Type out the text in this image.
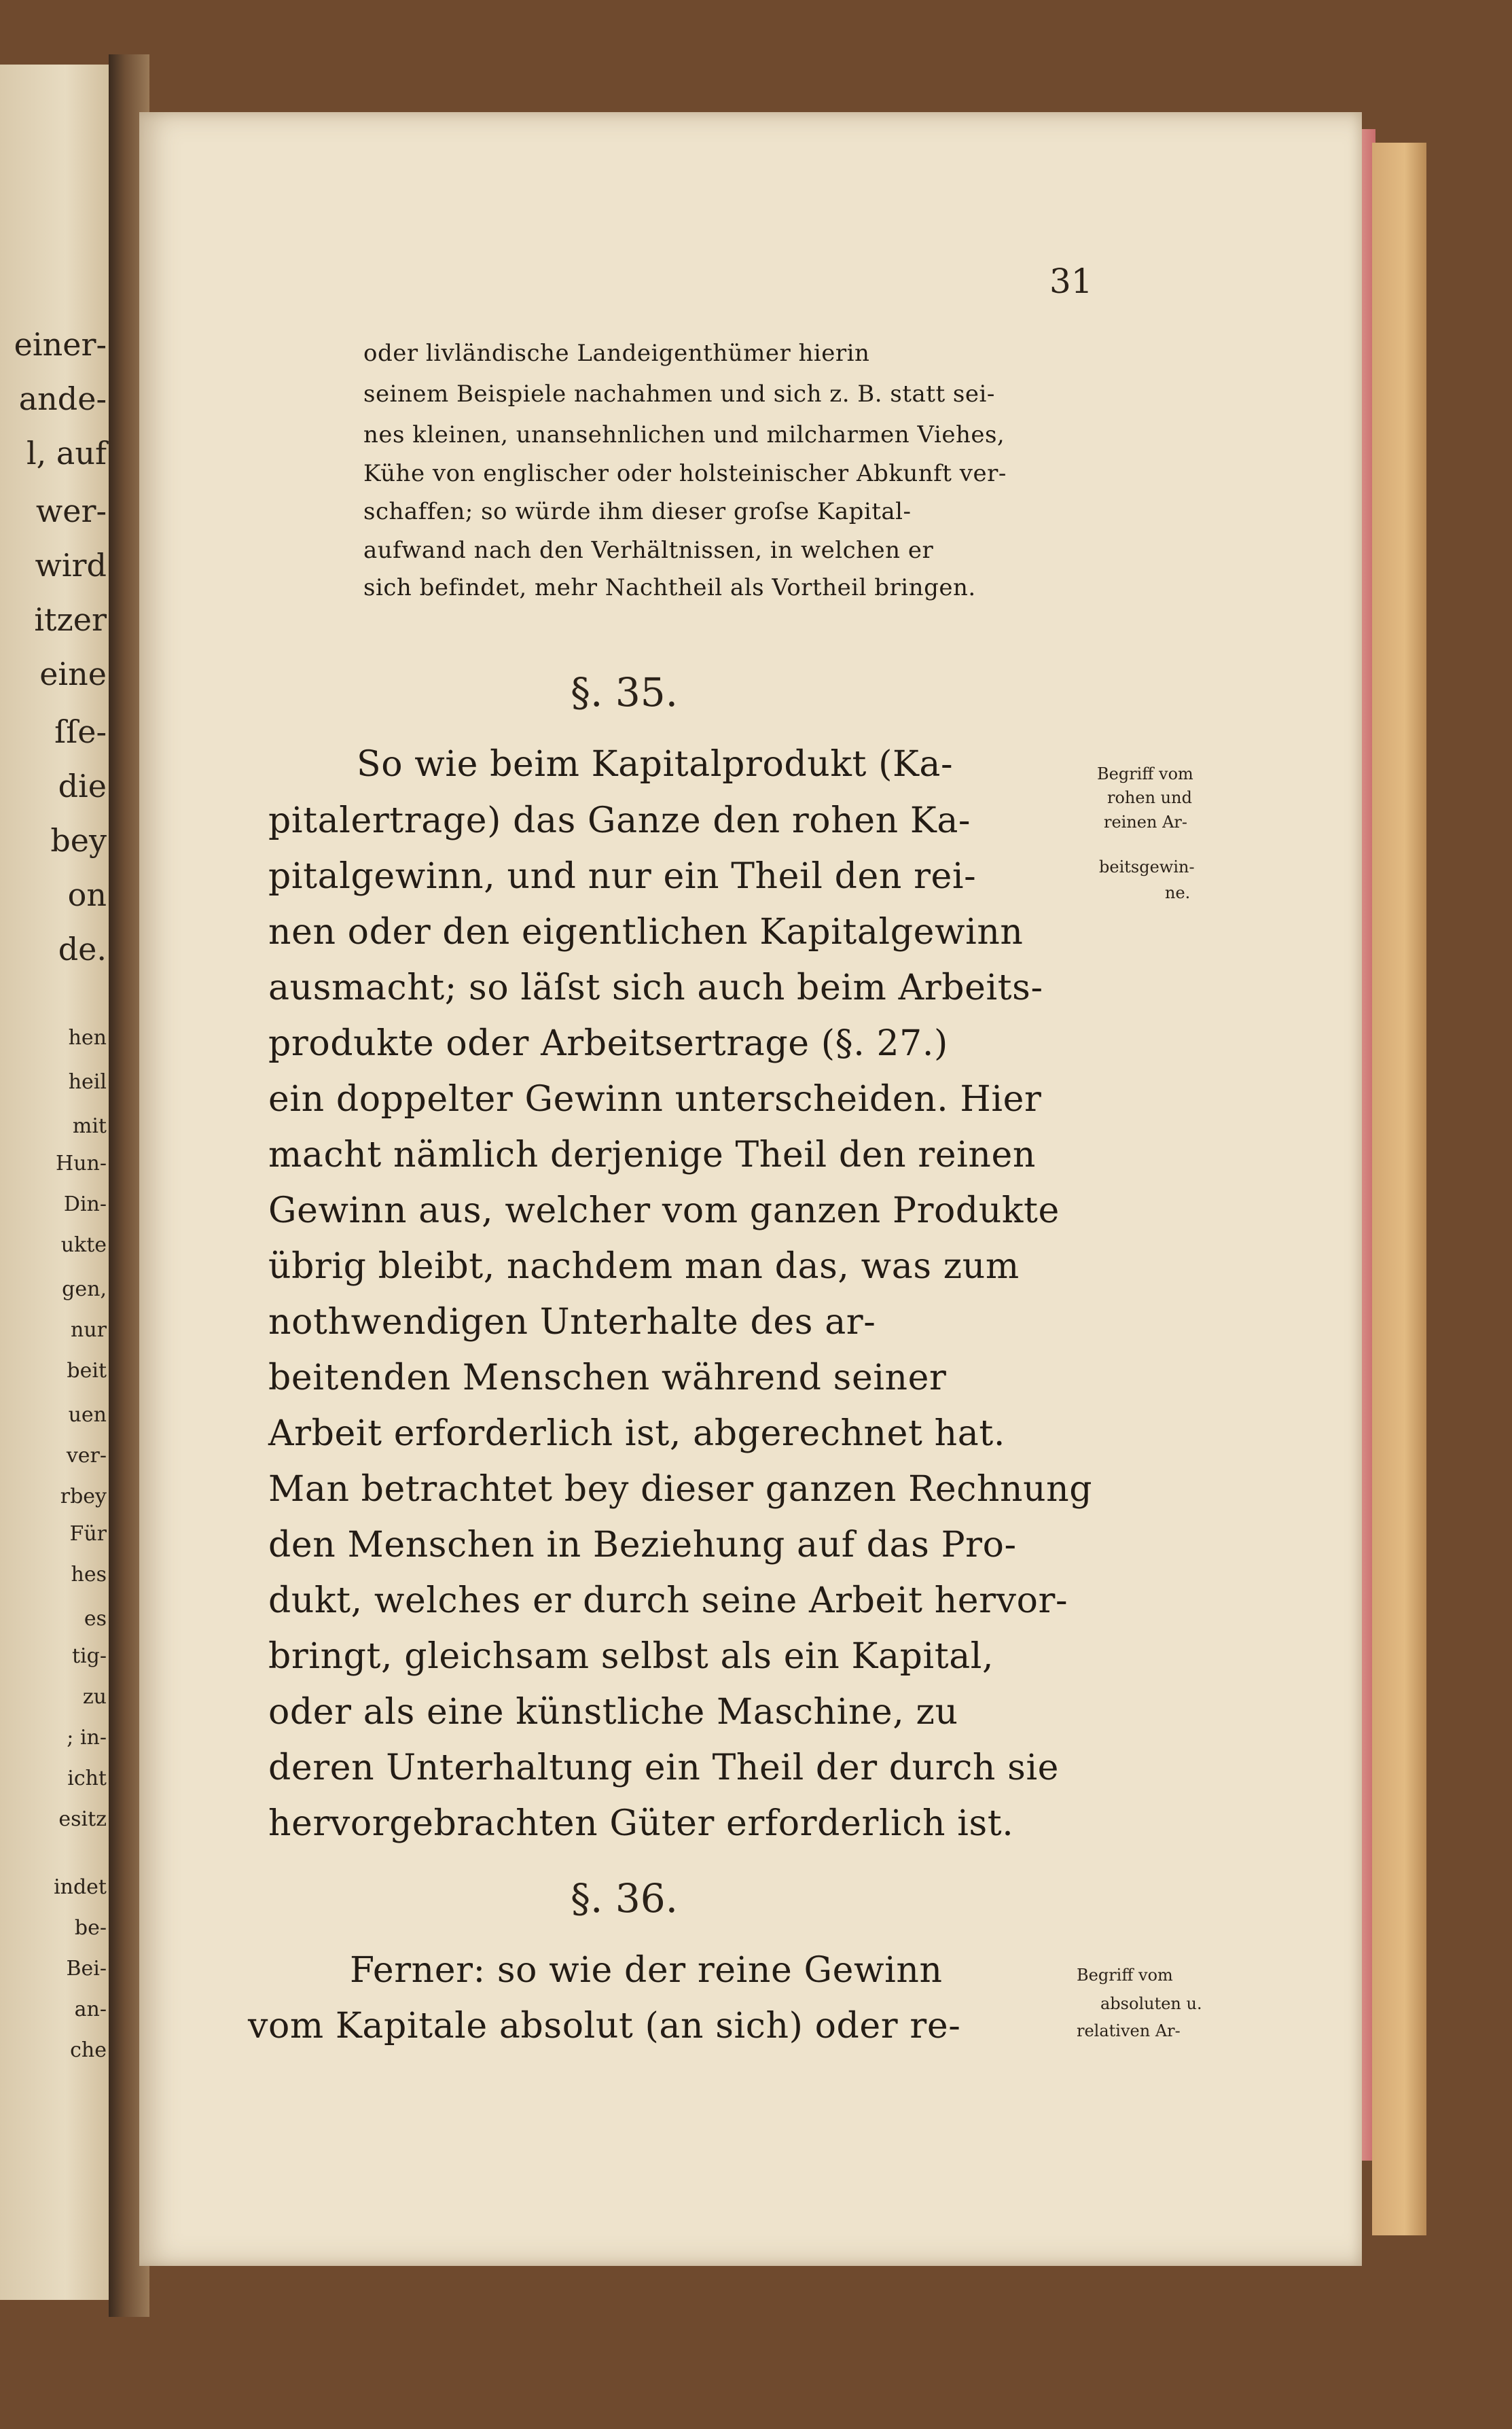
einer-
ande-
l, auf
wer-
wird
itzer
eine
ſſe-
die
bey
on
de.
hen
heil
mit
Hun-
Din-
ukte
gen,
nur
beit
uen
ver-
rbey
Für
hes
es
tig-
zu
; in-
icht
esitz
indet
be-
Bei-
an-
che
31
oder livländische Landeigenthümer hierin
seinem Beispiele nachahmen und sich z. B. statt sei-
nes kleinen, unansehnlichen und milcharmen Viehes,
Kühe von englischer oder holsteinischer Abkunft ver-
schaffen; so würde ihm dieser groſse Kapital-
aufwand nach den Verhältnissen, in welchen er
sich befindet, mehr Nachtheil als Vortheil bringen.
§. 35.
So wie beim Kapitalprodukt (Ka-
pitalertrage) das Ganze den rohen Ka-
pitalgewinn, und nur ein Theil den rei-
nen oder den eigentlichen Kapitalgewinn
ausmacht; so läſst sich auch beim Arbeits-
produkte oder Arbeitsertrage (§. 27.)
ein doppelter Gewinn unterscheiden. Hier
macht nämlich derjenige Theil den reinen
Gewinn aus, welcher vom ganzen Produkte
übrig bleibt, nachdem man das, was zum
nothwendigen Unterhalte des ar-
beitenden Menschen während seiner
Arbeit erforderlich ist, abgerechnet hat.
Man betrachtet bey dieser ganzen Rechnung
den Menschen in Beziehung auf das Pro-
dukt, welches er durch seine Arbeit hervor-
bringt, gleichsam selbst als ein Kapital,
oder als eine künstliche Maschine, zu
deren Unterhaltung ein Theil der durch sie
hervorgebrachten Güter erforderlich ist.
Begriff vom
rohen und
reinen Ar-
beitsgewin-
ne.
§. 36.
Ferner: so wie der reine Gewinn
vom Kapitale absolut (an sich) oder re-
Begriff vom
absoluten u.
relativen Ar-
